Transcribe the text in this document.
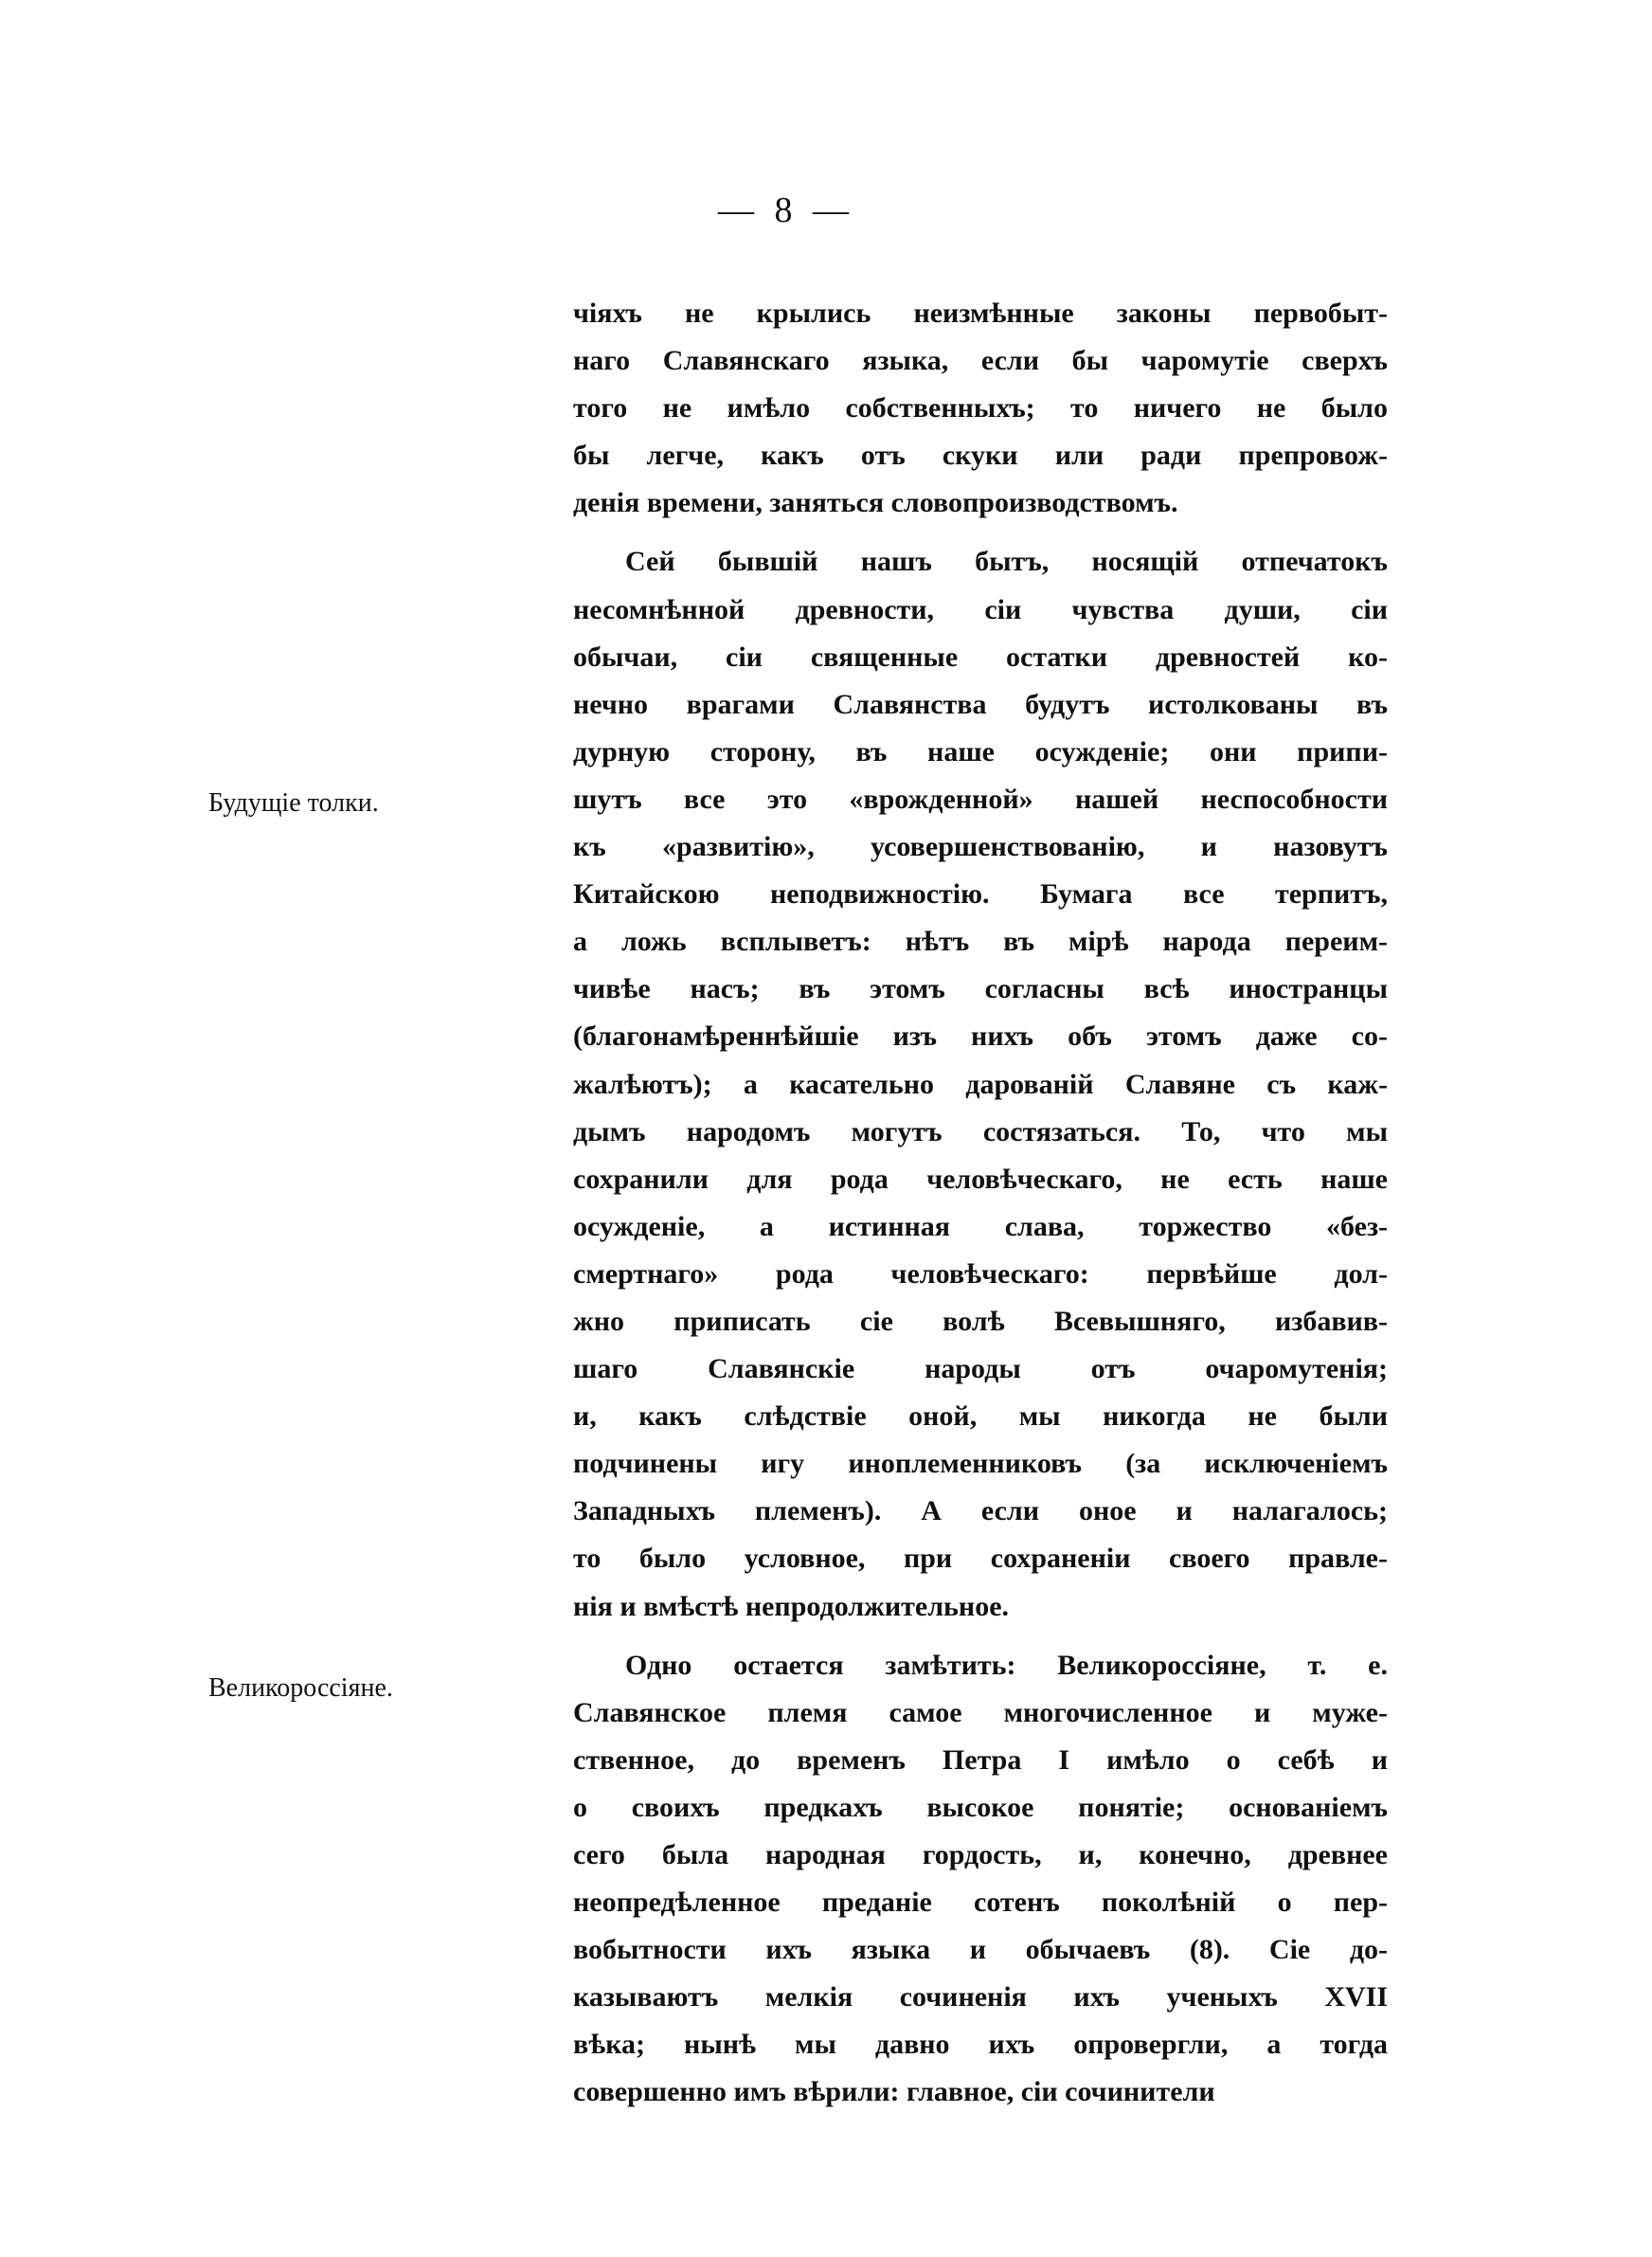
— 8 —
Будущіе толки.
Великороссіяне.
чіяхъ не крылись неизмѣнные законы первобыт-
наго Славянскаго языка, если бы чаромутіе сверхъ
того не имѣло собственныхъ; то ничего не было
бы легче, какъ отъ скуки или ради препровож-
денія времени, заняться словопроизводствомъ.
Сей бывшій нашъ бытъ, носящій отпечатокъ
несомнѣнной древности, сіи чувства души, сіи
обычаи, сіи священные остатки древностей ко-
нечно врагами Славянства будутъ истолкованы въ
дурную сторону, въ наше осужденіе; они припи-
шутъ все это «врожденной» нашей неспособности
къ «развитію», усовершенствованію, и назовутъ
Китайскою неподвижностію. Бумага все терпитъ,
а ложь всплыветъ: нѣтъ въ мірѣ народа переим-
чивѣе насъ; въ этомъ согласны всѣ иностранцы
(благонамѣреннѣйшіе изъ нихъ объ этомъ даже со-
жалѣютъ); а касательно дарованій Славяне съ каж-
дымъ народомъ могутъ состязаться. То, что мы
сохранили для рода человѣческаго, не есть наше
осужденіе, а истинная слава, торжество «без-
смертнаго» рода человѣческаго: первѣйше дол-
жно приписать сіе волѣ Всевышняго, избавив-
шаго Славянскіе народы отъ очаромутенія;
и, какъ слѣдствіе оной, мы никогда не были
подчинены игу иноплеменниковъ (за исключеніемъ
Западныхъ племенъ). А если оное и налагалось;
то было условное, при сохраненіи своего правле-
нія и вмѣстѣ непродолжительное.
Одно остается замѣтить: Великороссіяне, т. е.
Славянское племя самое многочисленное и муже-
ственное, до временъ Петра I имѣло о себѣ и
о своихъ предкахъ высокое понятіе; основаніемъ
сего была народная гордость, и, конечно, древнее
неопредѣленное преданіе сотенъ поколѣній о пер-
вобытности ихъ языка и обычаевъ (8). Сіе до-
казываютъ мелкія сочиненія ихъ ученыхъ XVII
вѣка; нынѣ мы давно ихъ опровергли, а тогда
совершенно имъ вѣрили: главное, сіи сочинители
